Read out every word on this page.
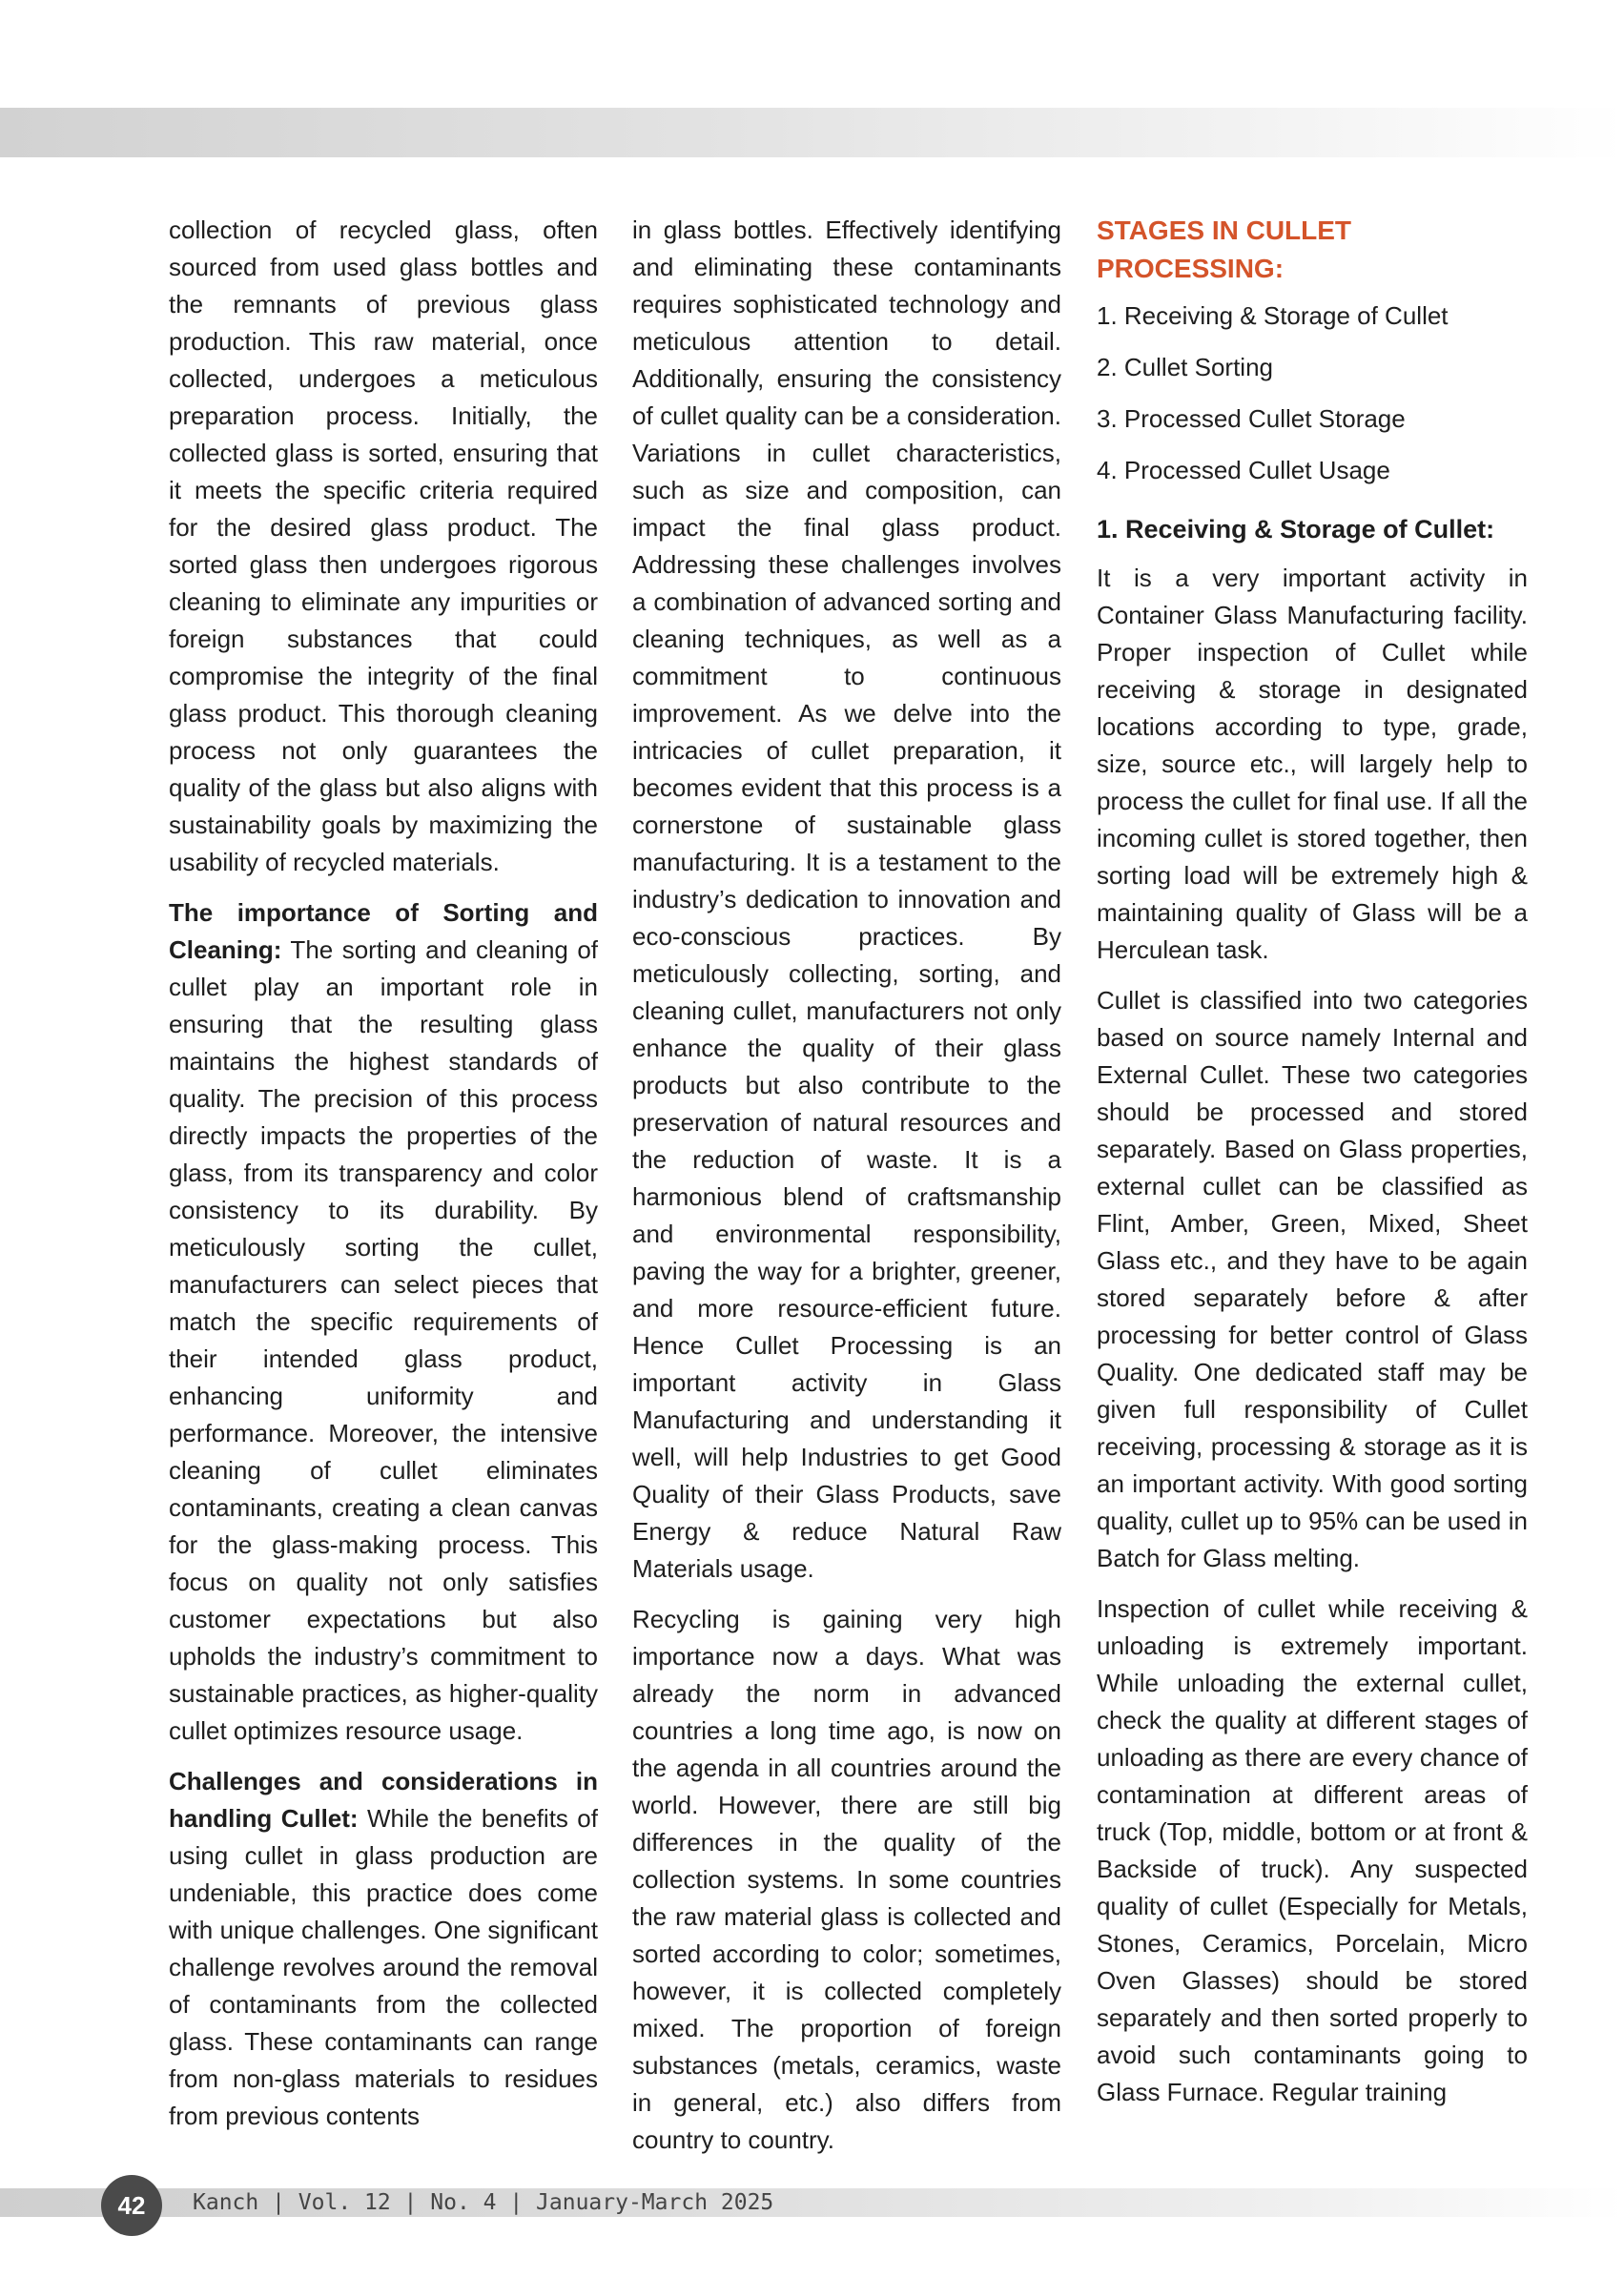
collection of recycled glass, often sourced from used glass bottles and the remnants of previous glass production. This raw material, once collected, undergoes a meticulous preparation process. Initially, the collected glass is sorted, ensuring that it meets the specific criteria required for the desired glass product. The sorted glass then undergoes rigorous cleaning to eliminate any impurities or foreign substances that could compromise the integrity of the final glass product. This thorough cleaning process not only guarantees the quality of the glass but also aligns with sustainability goals by maximizing the usability of recycled materials.

The importance of Sorting and Cleaning: The sorting and cleaning of cullet play an important role in ensuring that the resulting glass maintains the highest standards of quality. The precision of this process directly impacts the properties of the glass, from its transparency and color consistency to its durability. By meticulously sorting the cullet, manufacturers can select pieces that match the specific requirements of their intended glass product, enhancing uniformity and performance. Moreover, the intensive cleaning of cullet eliminates contaminants, creating a clean canvas for the glass-making process. This focus on quality not only satisfies customer expectations but also upholds the industry’s commitment to sustainable practices, as higher-quality cullet optimizes resource usage.

Challenges and considerations in handling Cullet: While the benefits of using cullet in glass production are undeniable, this practice does come with unique challenges. One significant challenge revolves around the removal of contaminants from the collected glass. These contaminants can range from non-glass materials to residues from previous contents

in glass bottles. Effectively identifying and eliminating these contaminants requires sophisticated technology and meticulous attention to detail. Additionally, ensuring the consistency of cullet quality can be a consideration. Variations in cullet characteristics, such as size and composition, can impact the final glass product. Addressing these challenges involves a combination of advanced sorting and cleaning techniques, as well as a commitment to continuous improvement. As we delve into the intricacies of cullet preparation, it becomes evident that this process is a cornerstone of sustainable glass manufacturing. It is a testament to the industry’s dedication to innovation and eco-conscious practices. By meticulously collecting, sorting, and cleaning cullet, manufacturers not only enhance the quality of their glass products but also contribute to the preservation of natural resources and the reduction of waste. It is a harmonious blend of craftsmanship and environmental responsibility, paving the way for a brighter, greener, and more resource-efficient future. Hence Cullet Processing is an important activity in Glass Manufacturing and understanding it well, will help Industries to get Good Quality of their Glass Products, save Energy & reduce Natural Raw Materials usage.

Recycling is gaining very high importance now a days. What was already the norm in advanced countries a long time ago, is now on the agenda in all countries around the world. However, there are still big differences in the quality of the collection systems. In some countries the raw material glass is collected and sorted according to color; sometimes, however, it is collected completely mixed. The proportion of foreign substances (metals, ceramics, waste in general, etc.) also differs from country to country.

STAGES IN CULLET PROCESSING:
1. Receiving & Storage of Cullet
2. Cullet Sorting
3. Processed Cullet Storage
4. Processed Cullet Usage
1. Receiving & Storage of Cullet:

It is a very important activity in Container Glass Manufacturing facility. Proper inspection of Cullet while receiving & storage in designated locations according to type, grade, size, source etc., will largely help to process the cullet for final use. If all the incoming cullet is stored together, then sorting load will be extremely high & maintaining quality of Glass will be a Herculean task.

Cullet is classified into two categories based on source namely Internal and External Cullet. These two categories should be processed and stored separately. Based on Glass properties, external cullet can be classified as Flint, Amber, Green, Mixed, Sheet Glass etc., and they have to be again stored separately before & after processing for better control of Glass Quality. One dedicated staff may be given full responsibility of Cullet receiving, processing & storage as it is an important activity. With good sorting quality, cullet up to 95% can be used in Batch for Glass melting.

Inspection of cullet while receiving & unloading is extremely important. While unloading the external cullet, check the quality at different stages of unloading as there are every chance of contamination at different areas of truck (Top, middle, bottom or at front & Backside of truck). Any suspected quality of cullet (Especially for Metals, Stones, Ceramics, Porcelain, Micro Oven Glasses) should be stored separately and then sorted properly to avoid such contaminants going to Glass Furnace. Regular training

42	Kanch | Vol. 12 | No. 4 | January-March 2025
